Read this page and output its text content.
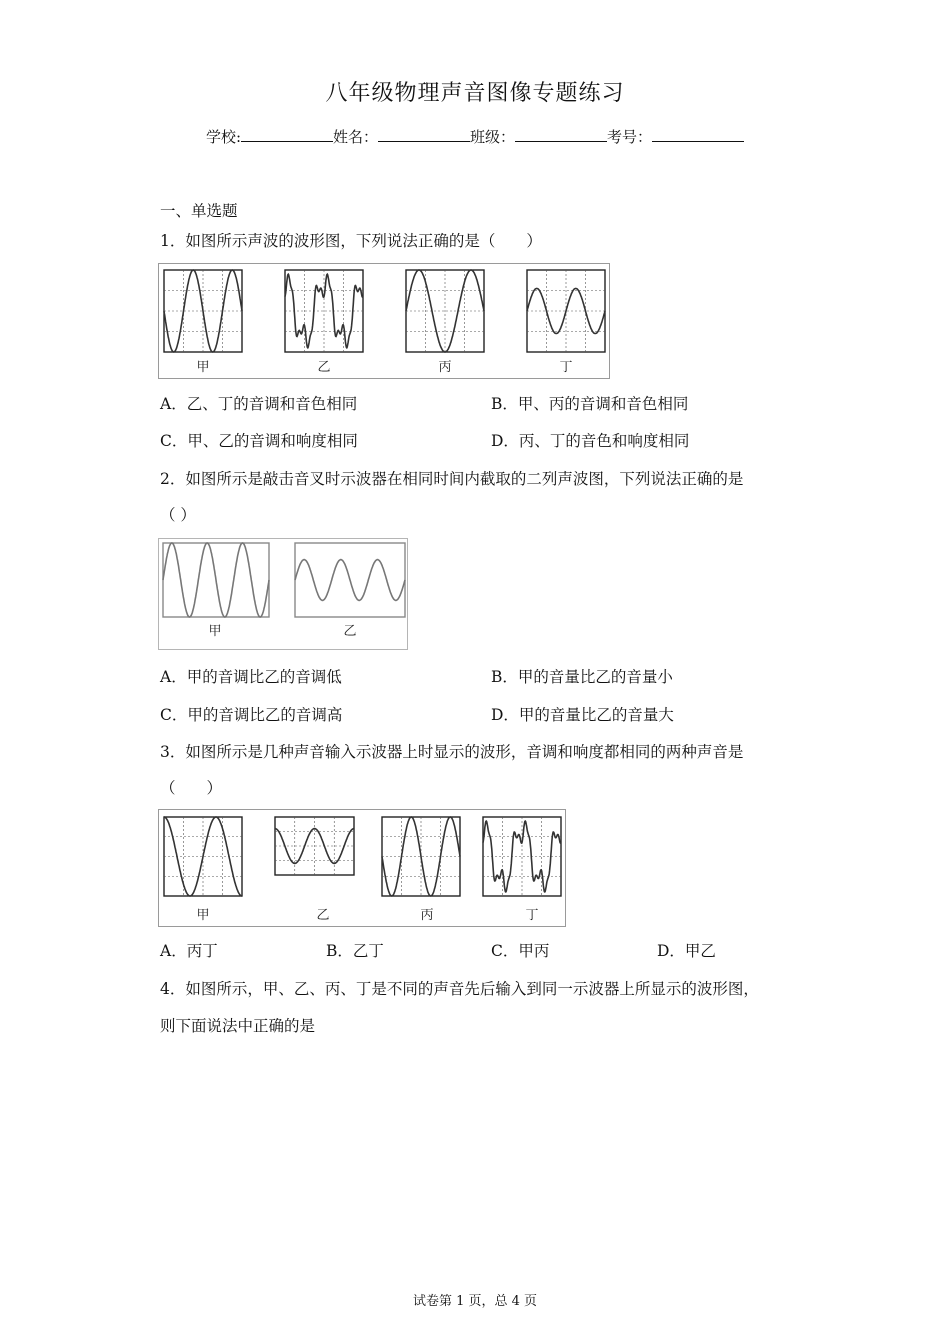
八年级物理声音图像专题练习
学校:	姓名：	班级：	考号：
一、单选题
1．如图所示声波的波形图，下列说法正确的是（　　）
甲	乙	丙	丁
A．乙、丁的音调和音色相同	B．甲、丙的音调和音色相同
C．甲、乙的音调和响度相同	D．丙、丁的音色和响度相同
2．如图所示是敲击音叉时示波器在相同时间内截取的二列声波图，下列说法正确的是
（ ）
甲	乙
A．甲的音调比乙的音调低	B．甲的音量比乙的音量小
C．甲的音调比乙的音调高	D．甲的音量比乙的音量大
3．如图所示是几种声音输入示波器上时显示的波形，音调和响度都相同的两种声音是
（　　）
甲	乙	丙	丁
A．丙丁	B．乙丁	C．甲丙	D．甲乙
4．如图所示，甲、乙、丙、丁是不同的声音先后输入到同一示波器上所显示的波形图，
则下面说法中正确的是
试卷第 1 页，总 4 页
